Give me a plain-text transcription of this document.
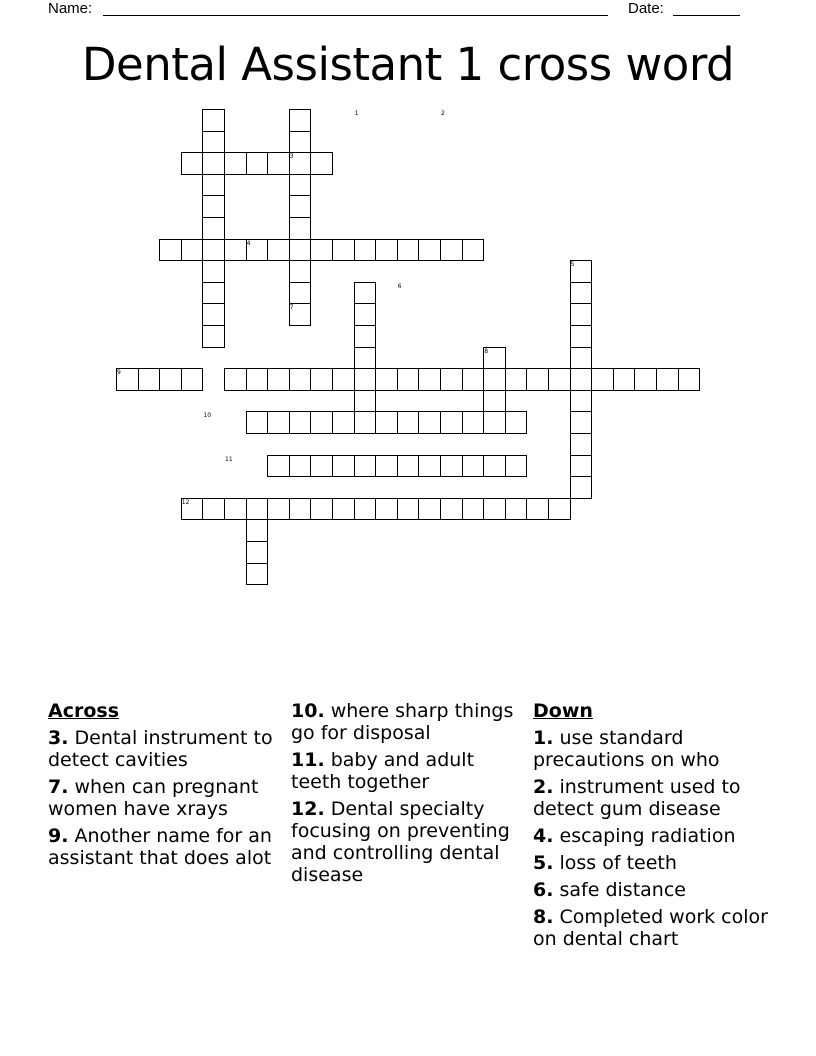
Name:	Date:
Dental Assistant 1 cross word
1	2
3
4
5
6
7
8
9
10
11
12
Across
3. Dental instrument to detect cavities
7. when can pregnant women have xrays
9. Another name for an assistant that does alot
10. where sharp things go for disposal
11. baby and adult teeth together
12. Dental specialty focusing on preventing and controlling dental disease
Down
1. use standard precautions on who
2. instrument used to detect gum disease
4. escaping radiation
5. loss of teeth
6. safe distance
8. Completed work color on dental chart
